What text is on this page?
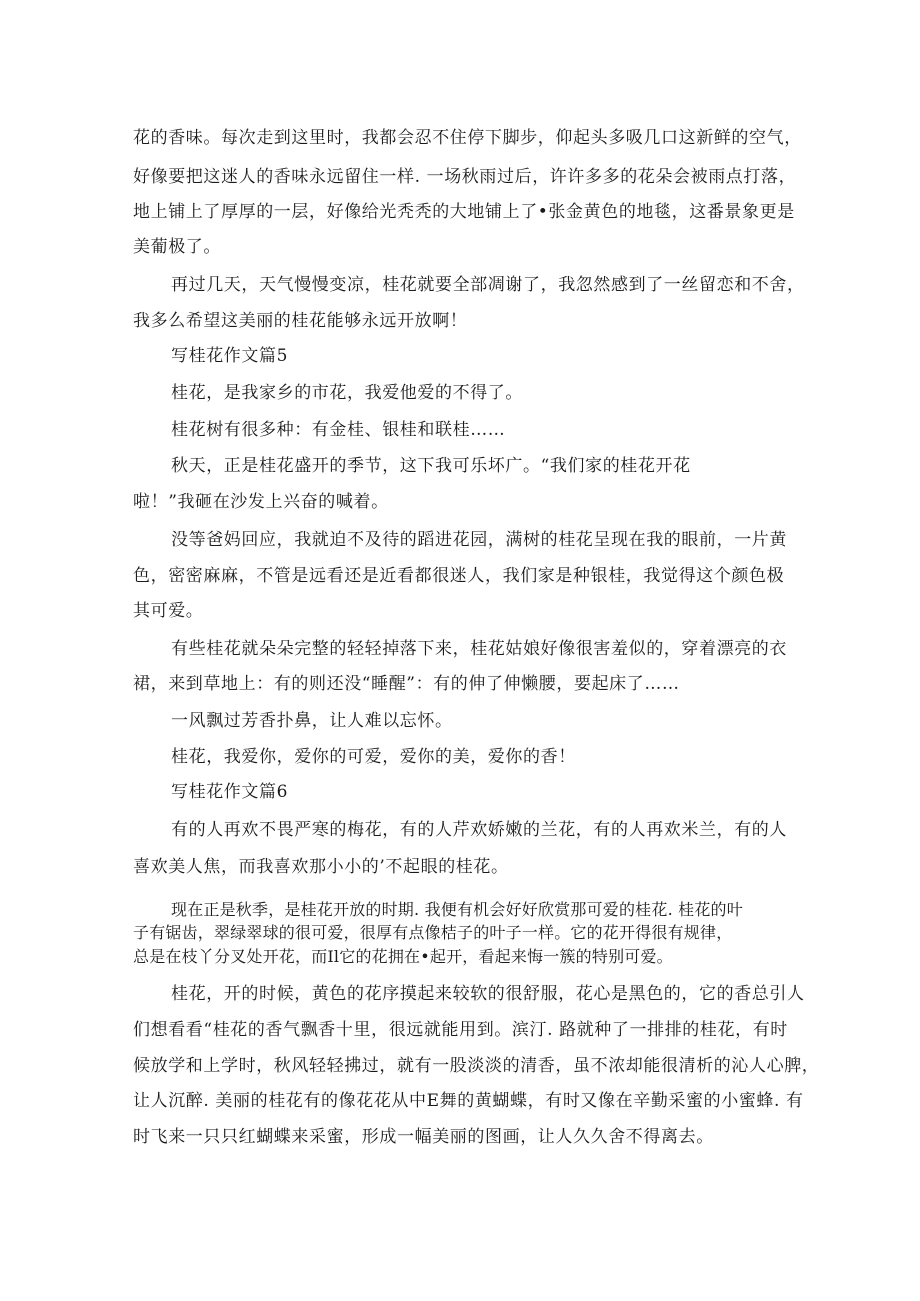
花的香味。每次走到这里时，我都会忍不住停下脚步，仰起头多吸几口这新鲜的空气，
好像要把这迷人的香味永远留住一样. 一场秋雨过后，许许多多的花朵会被雨点打落，
地上铺上了厚厚的一层，好像给光秃秃的大地铺上了•张金黄色的地毯，这番景象更是
美葡极了。
再过几天，天气慢慢变凉，桂花就要全部凋谢了，我忽然感到了一丝留恋和不舍，
我多么希望这美丽的桂花能够永远开放啊！
写桂花作文篇5
桂花，是我家乡的市花，我爱他爱的不得了。
桂花树有很多种：有金桂、银桂和联桂……
秋天，正是桂花盛开的季节，这下我可乐坏广。“我们家的桂花开花
啦！”我砸在沙发上兴奋的喊着。
没等爸妈回应，我就迫不及待的蹈进花园，满树的桂花呈现在我的眼前，一片黄
色，密密麻麻，不管是远看还是近看都很迷人，我们家是种银桂，我觉得这个颜色极
其可爱。
有些桂花就朵朵完整的轻轻掉落下来，桂花姑娘好像很害羞似的，穿着漂亮的衣
裙，来到草地上：有的则还没“睡醒”：有的伸了伸懒腰，要起床了……
一风飘过芳香扑鼻，让人难以忘怀。
桂花，我爱你，爱你的可爱，爱你的美，爱你的香！
写桂花作文篇6
有的人再欢不畏严寒的梅花，有的人芹欢娇嫩的兰花，有的人再欢米兰，有的人
喜欢美人焦，而我喜欢那小小的’不起眼的桂花。
现在正是秋季，是桂花开放的时期. 我便有机会好好欣赏那可爱的桂花. 桂花的叶
子有锯齿，翠绿翠球的很可爱，很厚有点像桔子的叶子一样。它的花开得很有规律，
总是在枝丫分叉处开花，而Il它的花拥在•起开，看起来悔一簇的特别可爱。
桂花，开的时候，黄色的花序摸起来较软的很舒服，花心是黑色的，它的香总引人
们想看看“桂花的香气飘香十里，很远就能用到。滨汀. 路就种了一排排的桂花，有时
候放学和上学时，秋风轻轻拂过，就有一股淡淡的清香，虽不浓却能很清析的沁人心脾，
让人沉醉. 美丽的桂花有的像花花从中E舞的黄蝴蝶，有时又像在辛勤采蜜的小蜜蜂. 有
时飞来一只只红蝴蝶来采蜜，形成一幅美丽的图画，让人久久舍不得离去。
